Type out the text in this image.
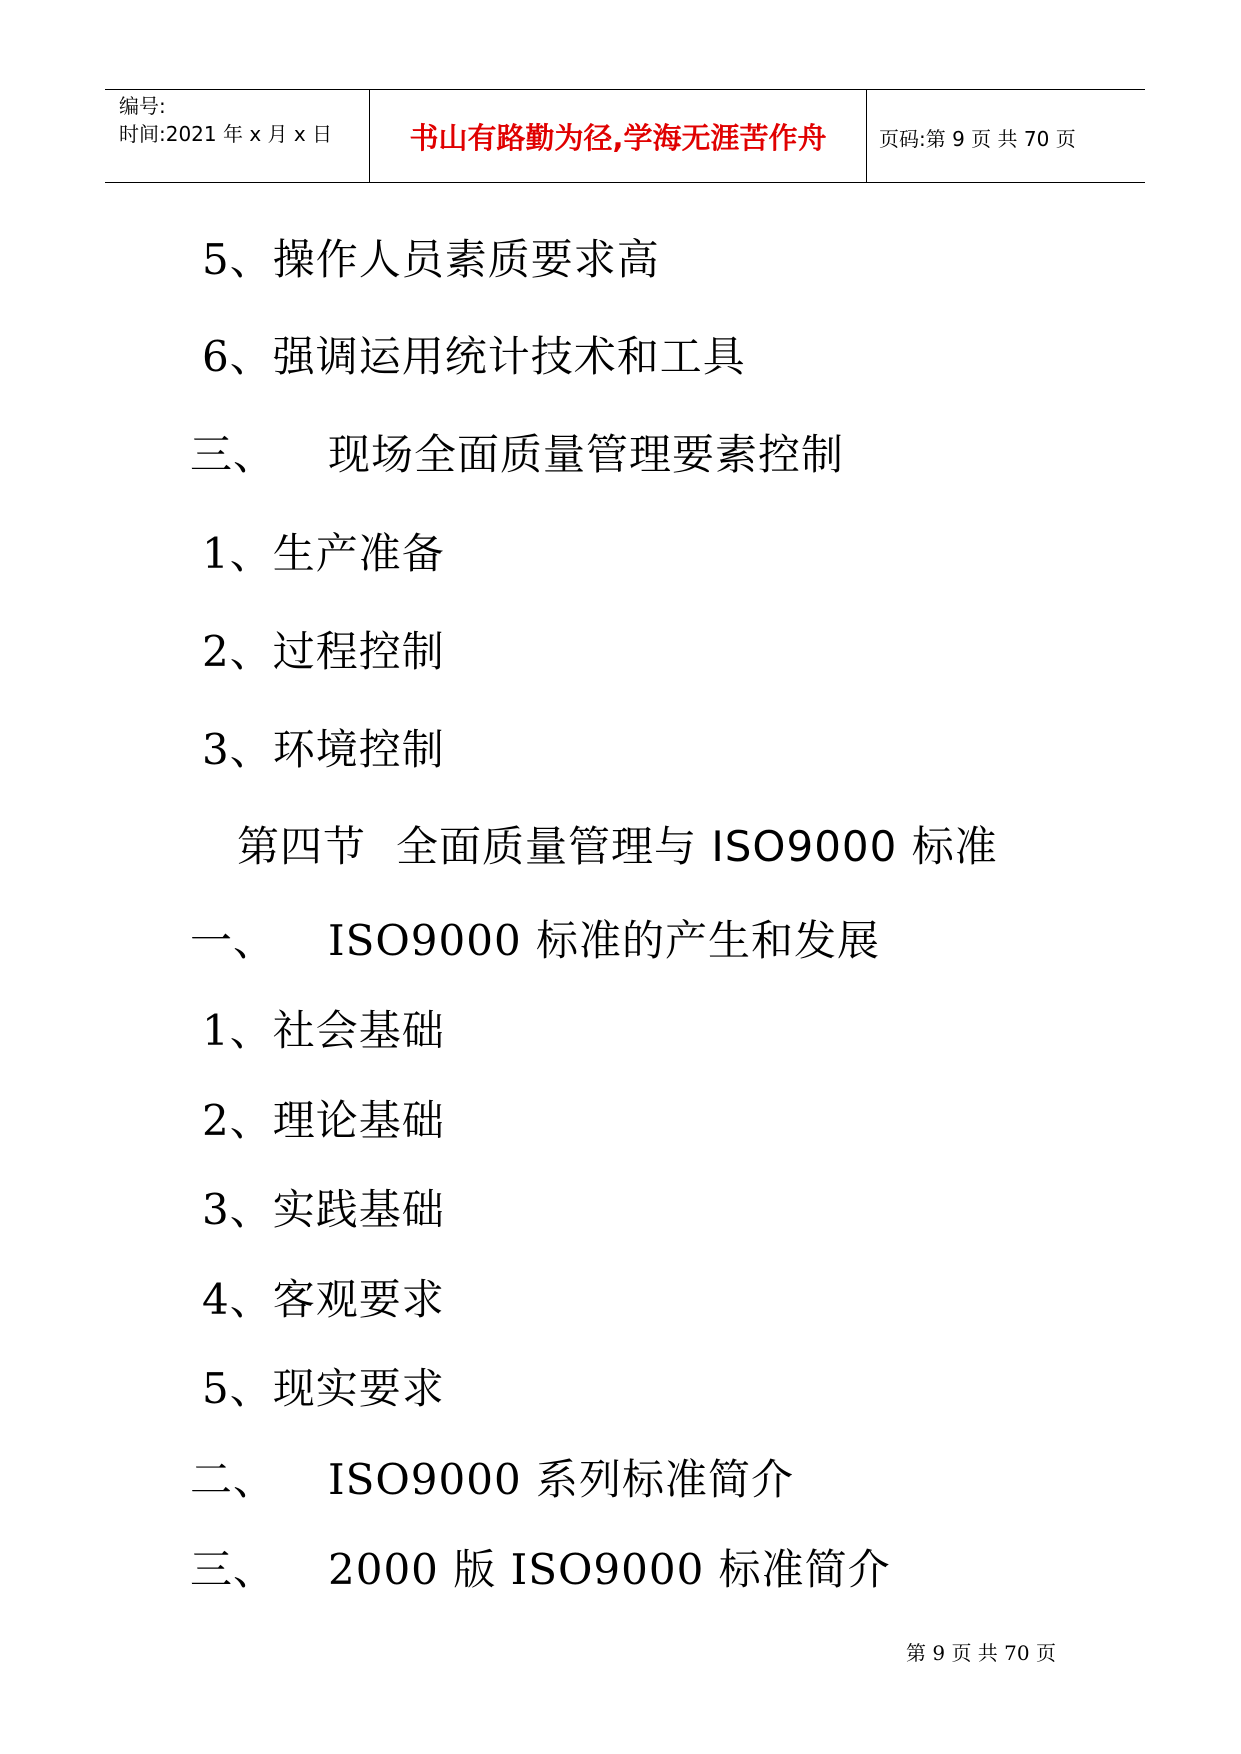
编号:
时间:2021 年 x 月 x 日	书山有路勤为径,学海无涯苦作舟	页码:第 9 页 共 70 页
5、操作人员素质要求高
6、强调运用统计技术和工具
三、 现场全面质量管理要素控制
1、生产准备
2、过程控制
3、环境控制
第四节 全面质量管理与 ISO9000 标准
一、 ISO9000 标准的产生和发展
1、社会基础
2、理论基础
3、实践基础
4、客观要求
5、现实要求
二、 ISO9000 系列标准简介
三、 2000 版 ISO9000 标准简介
第 9 页 共 70 页
